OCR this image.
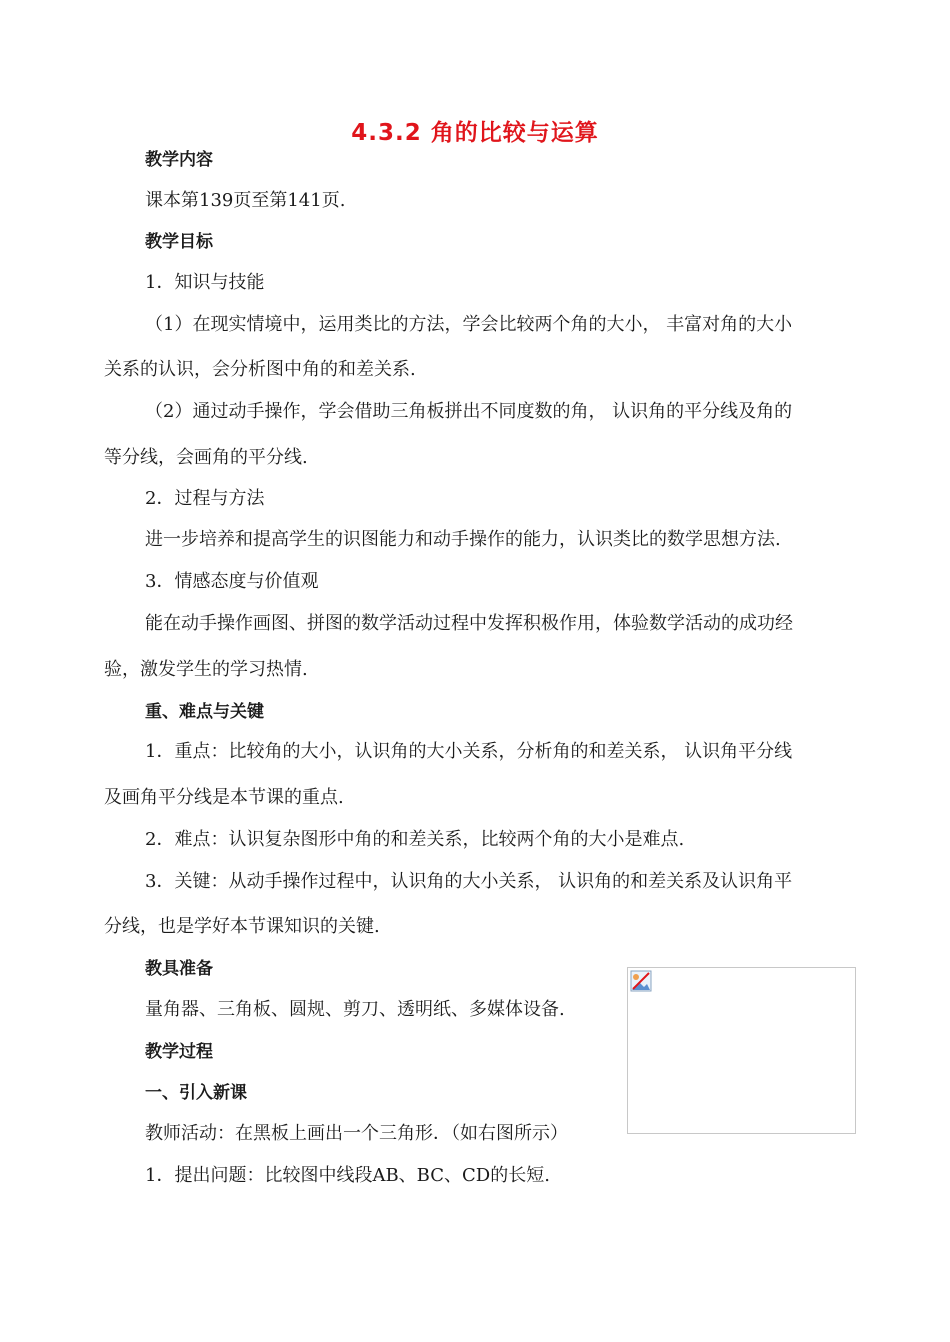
4.3.2 角的比较与运算
教学内容
课本第139页至第141页.
教学目标
1．知识与技能
（1）在现实情境中，运用类比的方法，学会比较两个角的大小， 丰富对角的大小
关系的认识，会分析图中角的和差关系.
（2）通过动手操作，学会借助三角板拼出不同度数的角， 认识角的平分线及角的
等分线，会画角的平分线.
2．过程与方法
进一步培养和提高学生的识图能力和动手操作的能力，认识类比的数学思想方法.
3．情感态度与价值观
能在动手操作画图、拼图的数学活动过程中发挥积极作用，体验数学活动的成功经
验，激发学生的学习热情.
重、难点与关键
1．重点：比较角的大小，认识角的大小关系，分析角的和差关系， 认识角平分线
及画角平分线是本节课的重点.
2．难点：认识复杂图形中角的和差关系，比较两个角的大小是难点.
3．关键：从动手操作过程中，认识角的大小关系， 认识角的和差关系及认识角平
分线，也是学好本节课知识的关键.
教具准备
量角器、三角板、圆规、剪刀、透明纸、多媒体设备.
教学过程
一、引入新课
教师活动：在黑板上画出一个三角形．（如右图所示）
1．提出问题：比较图中线段AB、BC、CD的长短.
